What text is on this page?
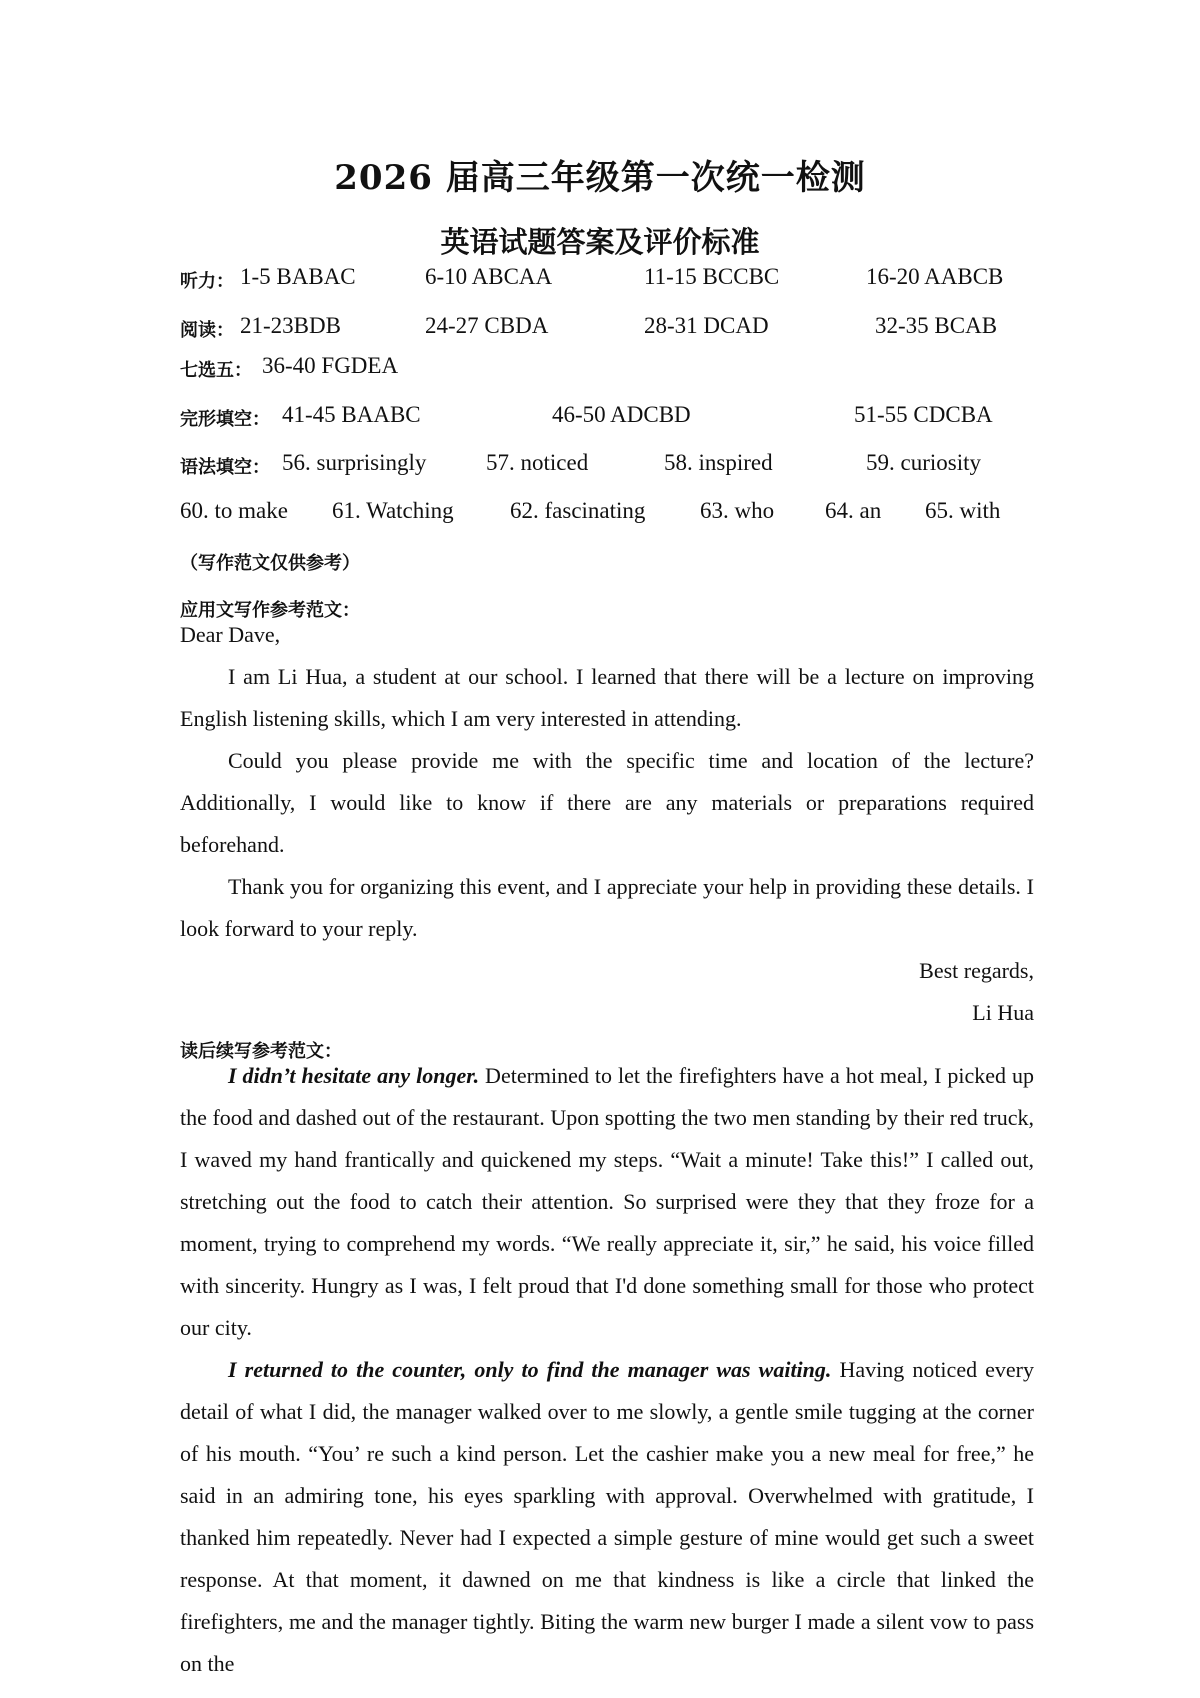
2026 届高三年级第一次统一检测
英语试题答案及评价标准
听力： 1-5 BABAC	6-10 ABCAA	11-15 BCCBC	16-20 AABCB
阅读： 21-23BDB	24-27 CBDA	28-31 DCAD	32-35 BCAB
七选五： 36-40 FGDEA
完形填空： 41-45 BAABC	46-50 ADCBD	51-55 CDCBA
语法填空： 56. surprisingly	57. noticed	58. inspired	59. curiosity
60. to make 61. Watching 62. fascinating 63. who 64. an 65. with
（写作范文仅供参考）
应用文写作参考范文：

Dear Dave,

I am Li Hua, a student at our school. I learned that there will be a lecture on improving English listening skills, which I am very interested in attending.

Could you please provide me with the specific time and location of the lecture? Additionally, I would like to know if there are any materials or preparations required beforehand.

Thank you for organizing this event, and I appreciate your help in providing these details. I look forward to your reply.

Best regards,

Li Hua

读后续写参考范文：

I didn’t hesitate any longer. Determined to let the firefighters have a hot meal, I picked up the food and dashed out of the restaurant. Upon spotting the two men standing by their red truck, I waved my hand frantically and quickened my steps. “Wait a minute! Take this!” I called out, stretching out the food to catch their attention. So surprised were they that they froze for a moment, trying to comprehend my words. “We really appreciate it, sir,” he said, his voice filled with sincerity. Hungry as I was, I felt proud that I'd done something small for those who protect our city.

I returned to the counter, only to find the manager was waiting. Having noticed every detail of what I did, the manager walked over to me slowly, a gentle smile tugging at the corner of his mouth. “You’ re such a kind person. Let the cashier make you a new meal for free,” he said in an admiring tone, his eyes sparkling with approval. Overwhelmed with gratitude, I thanked him repeatedly. Never had I expected a simple gesture of mine would get such a sweet response. At that moment, it dawned on me that kindness is like a circle that linked the firefighters, me and the manager tightly. Biting the warm new burger I made a silent vow to pass on the
